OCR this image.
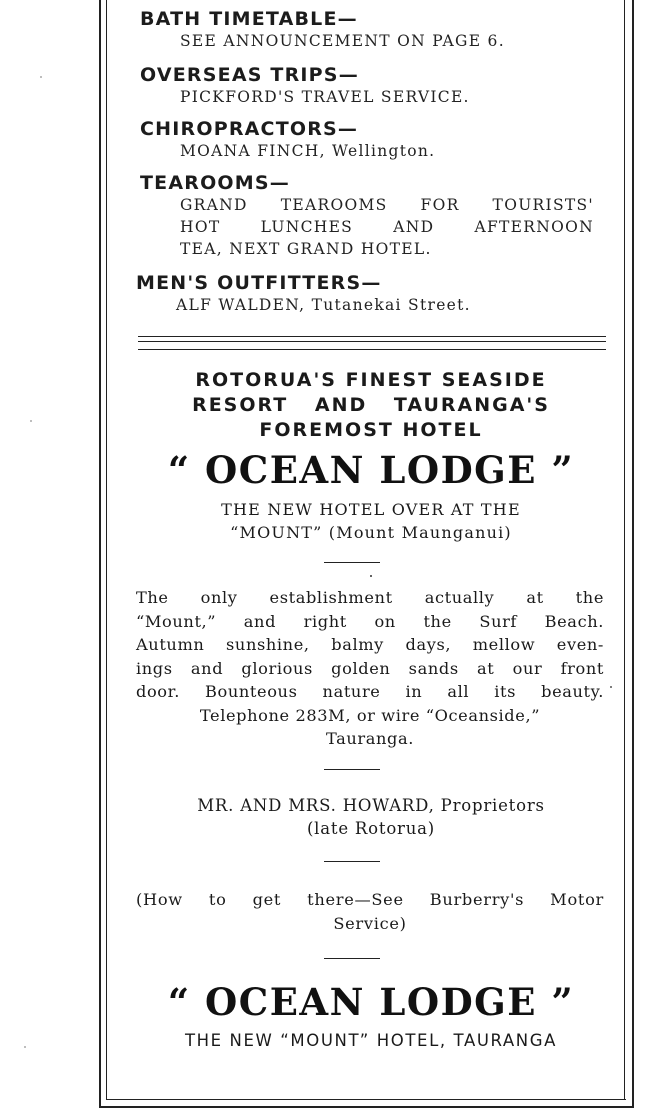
BATH TIMETABLE—
SEE ANNOUNCEMENT ON PAGE 6.
OVERSEAS TRIPS—
PICKFORD'S TRAVEL SERVICE.
CHIROPRACTORS—
MOANA FINCH, Wellington.
TEAROOMS—
GRAND TEAROOMS FOR TOURISTS'
HOT LUNCHES AND AFTERNOON
TEA, NEXT GRAND HOTEL.
MEN'S OUTFITTERS—
ALF WALDEN, Tutanekai Street.
ROTORUA'S FINEST SEASIDE
RESORT AND TAURANGA'S
FOREMOST HOTEL
“ OCEAN LODGE ”
THE NEW HOTEL OVER AT THE
“MOUNT” (Mount Maunganui)
The only establishment actually at the
“Mount,” and right on the Surf Beach.
Autumn sunshine, balmy days, mellow even-
ings and glorious golden sands at our front
door. Bounteous nature in all its beauty.
Telephone 283M, or wire “Oceanside,”
Tauranga.
MR. AND MRS. HOWARD, Proprietors
(late Rotorua)
(How to get there—See Burberry's Motor
Service)
“ OCEAN LODGE ”
THE NEW “MOUNT” HOTEL, TAURANGA
